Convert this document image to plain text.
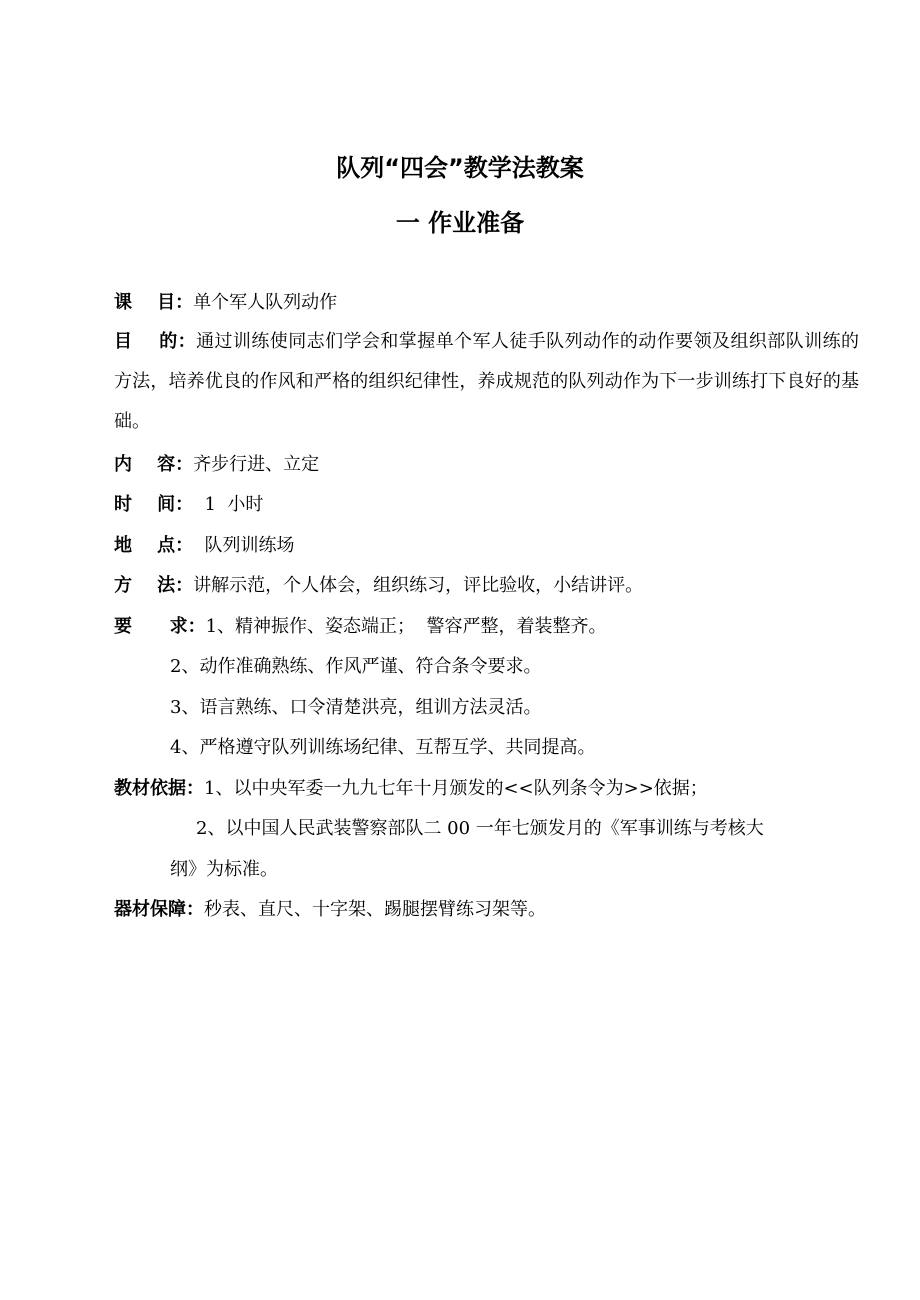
队列“四会”教学法教案
一 作业准备

课    目：单个军人队列动作

目    的：通过训练使同志们学会和掌握单个军人徒手队列动作的动作要领及组织部队训练的方法，培养优良的作风和严格的组织纪律性，养成规范的队列动作为下一步训练打下良好的基础。

内    容：齐步行进、立定

时    间：  1  小时

地    点：  队列训练场

方    法：讲解示范，个人体会，组织练习，评比验收，小结讲评。

要      求：1、精神振作、姿态端正；  警容严整，着装整齐。

2、动作准确熟练、作风严谨、符合条令要求。

3、语言熟练、口令清楚洪亮，组训方法灵活。

4、严格遵守队列训练场纪律、互帮互学、共同提高。

教材依据：1、以中央军委一九九七年十月颁发的<<队列条令为>>依据；

2、以中国人民武装警察部队二 00 一年七颁发月的《军事训练与考核大

纲》为标准。

器材保障：秒表、直尺、十字架、踢腿摆臂练习架等。
